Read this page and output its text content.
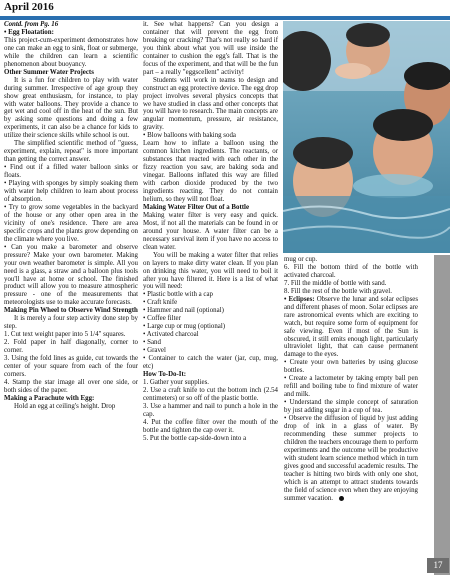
April 2016

Contd. from Pg. 16

• Egg Floatation:

This project-cum-experiment demonstrates how one can make an egg to sink, float or submerge, while the children can learn a scientific phenomenon about buoyancy.

Other Summer Water Projects

It is a fun for children to play with water during summer. Irrespective of age group they show great enthusiasm, for instance, to play with water balloons. They provide a chance to get wet and cool off in the heat of the sun. But by asking some questions and doing a few experiments, it can also be a chance for kids to utilize their science skills while school is out.

The simplified scientific method of "guess, experiment, explain, repeat" is more important than getting the correct answer.

• Find out if a filled water balloon sinks or floats.

• Playing with sponges by simply soaking them with water help children to learn about process of absorption.

• Try to grow some vegetables in the backyard of the house or any other open area in the vicinity of one's residence. There are area specific crops and the plants grow depending on the climate where you live.

• Can you make a barometer and observe pressure? Make your own barometer. Making your own weather barometer is simple. All you need is a glass, a straw and a balloon plus tools you'll have at home or school. The finished product will allow you to measure atmospheric pressure - one of the measurements that meteorologists use to make accurate forecasts.

Making Pin Wheel to Observe Wind Strength

It is merely a four step activity done step by step.

1. Cut text weight paper into 5 1/4" squares.

2. Fold paper in half diagonally, corner to corner.

3. Using the fold lines as guide, cut towards the center of your square from each of the four corners.

4. Stamp the star image all over one side, or both sides of the paper.

Making a Parachute with Egg:

Hold an egg at ceiling's height. Drop

it. See what happens? Can you design a container that will prevent the egg from breaking or cracking? That's not really so hard if you think about what you will use inside the container to cushion the egg's fall. That is the focus of the experiment, and that will be the fun part – a really "eggscellent" activity!

Students will work in teams to design and construct an egg protective device. The egg drop project involves several physics concepts that we have studied in class and other concepts that you will have to research. The main concepts are angular momentum, pressure, air resistance, gravity.

• Blow balloons with baking soda

Learn how to inflate a balloon using the common kitchen ingredients. The reactants, or substances that reacted with each other in the fizzy reaction you saw, are baking soda and vinegar. Balloons inflated this way are filled with carbon dioxide produced by the two ingredients reacting. They do not contain helium, so they will not float.

Making Water Filter Out of a Bottle

Making water filter is very easy and quick. Most, if not all the materials can be found in or around your house. A water filter can be a necessary survival item if you have no access to clean water.

You will be making a water filter that relies on layers to make dirty water clean. If you plan on drinking this water, you will need to boil it after you have filtered it. Here is a list of what you will need:

• Plastic bottle with a cap

• Craft knife

• Hammer and nail (optional)

• Coffee filter

• Large cup or mug (optional)

• Activated charcoal

• Sand

• Gravel

• Container to catch the water (jar, cup, mug, etc)

How To-Do-It:

1. Gather your supplies.

2. Use a craft knife to cut the bottom inch (2.54 centimeters) or so off of the plastic bottle.

3. Use a hammer and nail to punch a hole in the cap.

4. Put the coffee filter over the mouth of the bottle and tighten the cap over it.

5. Put the bottle cap-side-down into a

mug or cup.

6. Fill the bottom third of the bottle with activated charcoal.

7. Fill the middle of bottle with sand.

8. Fill the rest of the bottle with gravel.

• Eclipses: Observe the lunar and solar eclipses and different phases of moon. Solar eclipses are rare astronomical events which are exciting to watch, but require some form of equipment for safe viewing. Even if most of the Sun is obscured, it still emits enough light, particularly ultraviolet light, that can cause permanent damage to the eyes.

• Create your own batteries by using glucose bottles.

• Create a lactometer by taking empty ball pen refill and boiling tube to find mixture of water and milk.

• Understand the simple concept of saturation by just adding sugar in a cup of tea.

• Observe the diffusion of liquid by just adding drop of ink in a glass of water. By recommending these summer projects to children the teachers encourage them to perform experiments and the outcome will be productive with student learn science method which in turn gives good and successful academic results. The teacher is hitting two birds with only one shot, which is an attempt to attract students towards the field of science even when they are enjoying summer vacation.

17
